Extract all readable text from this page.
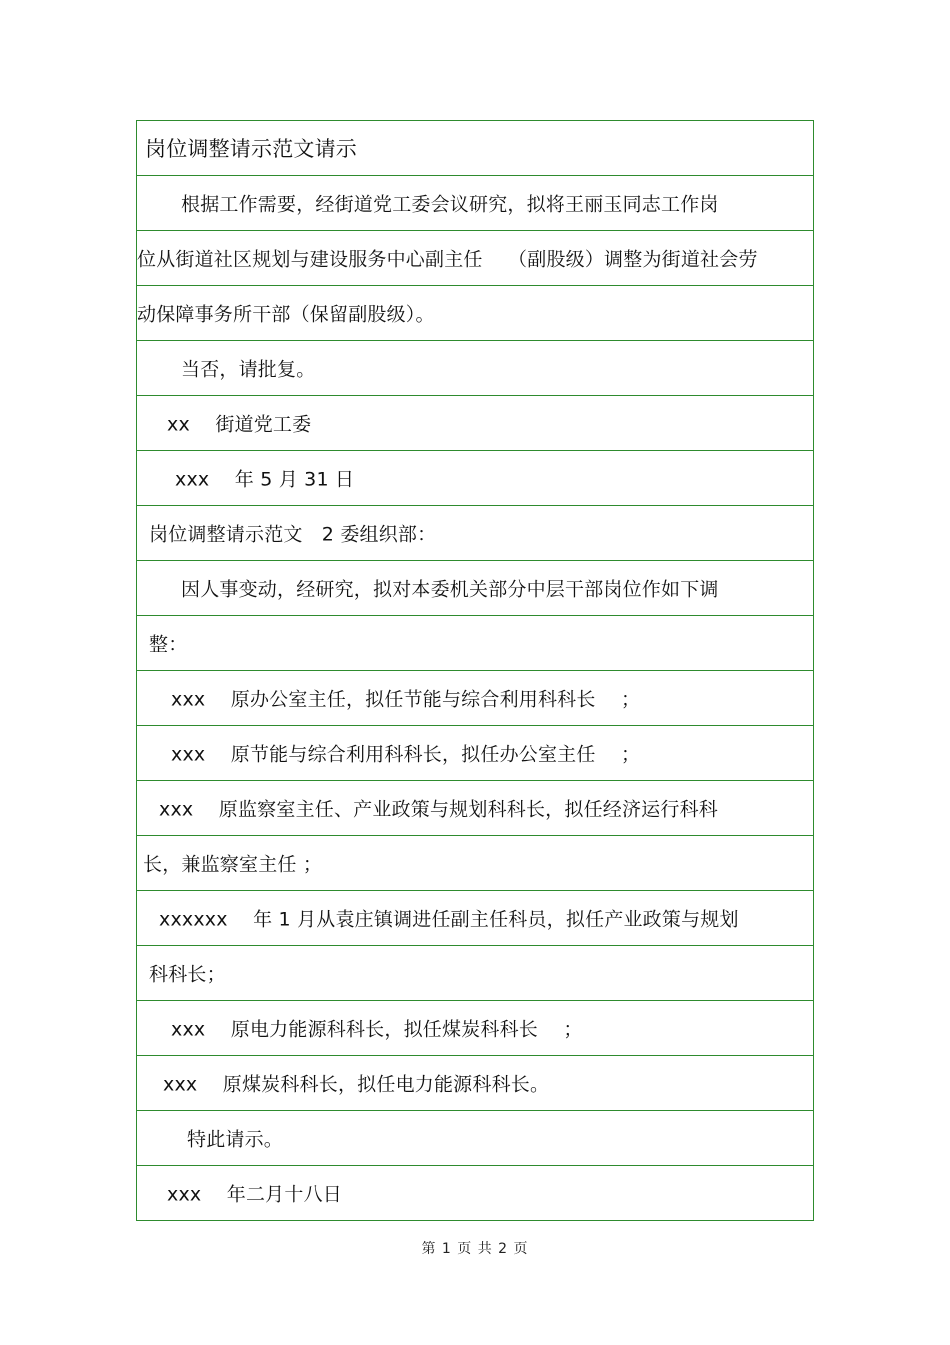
岗位调整请示范文请示
根据工作需要，经街道党工委会议研究，拟将王丽玉同志工作岗
位从街道社区规划与建设服务中心副主任　 （副股级）调整为街道社会劳
动保障事务所干部（保留副股级）。
当否，请批复。
xx　 街道党工委
xxx　 年 5 月 31 日
岗位调整请示范文　2 委组织部：
因人事变动，经研究，拟对本委机关部分中层干部岗位作如下调
整：
xxx　 原办公室主任，拟任节能与综合利用科科长　 ；
xxx　 原节能与综合利用科科长，拟任办公室主任　 ；
xxx　 原监察室主任、产业政策与规划科科长，拟任经济运行科科
长，兼监察室主任 ；
xxxxxx　 年 1 月从袁庄镇调进任副主任科员，拟任产业政策与规划
科科长；
xxx　 原电力能源科科长，拟任煤炭科科长　 ；
xxx　 原煤炭科科长，拟任电力能源科科长。
特此请示。
xxx　 年二月十八日
第 1 页 共 2 页
